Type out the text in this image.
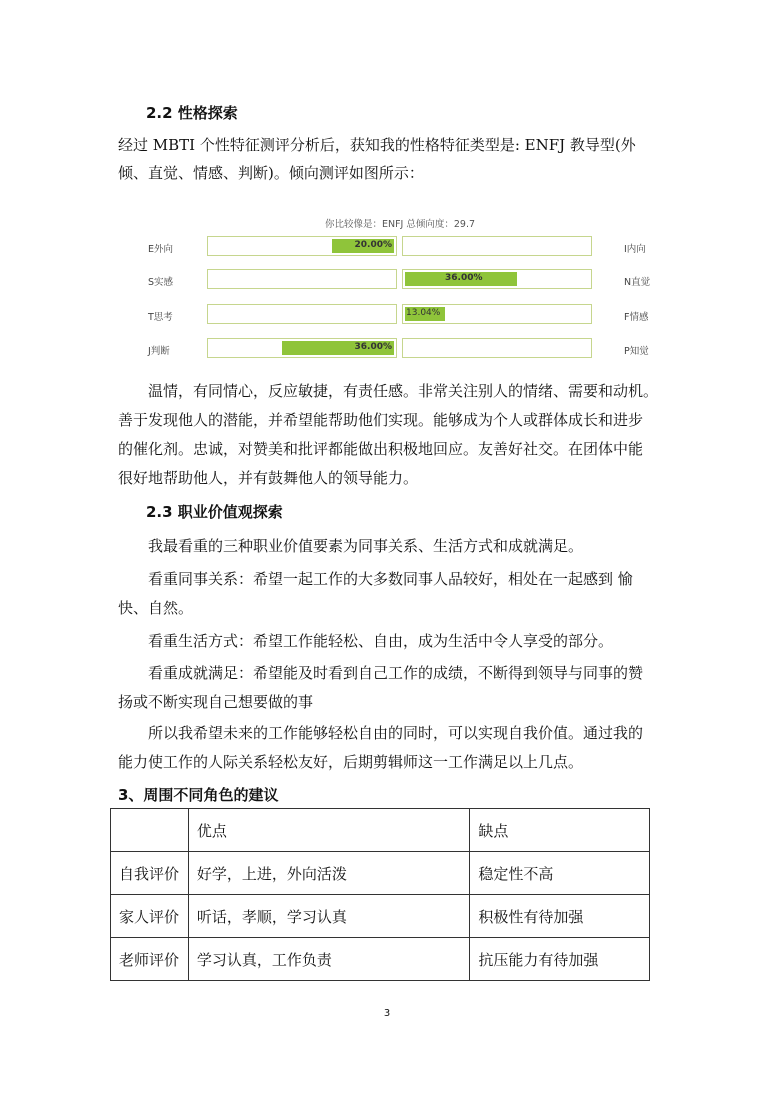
2.2 性格探索
经过 MBTI 个性特征测评分析后，获知我的性格特征类型是: ENFJ 教导型(外
倾、直觉、情感、判断)。倾向测评如图所示：
你比较像是：ENFJ 总倾向度：29.7
E外向	I内向
20.00%
S实感	N直觉
36.00%
T思考	F情感
13.04%
J判断	P知觉
36.00%
温情，有同情心，反应敏捷，有责任感。非常关注别人的情绪、需要和动机。
善于发现他人的潜能，并希望能帮助他们实现。能够成为个人或群体成长和进步
的催化剂。忠诚，对赞美和批评都能做出积极地回应。友善好社交。在团体中能
很好地帮助他人，并有鼓舞他人的领导能力。
2.3 职业价值观探索
我最看重的三种职业价值要素为同事关系、生活方式和成就满足。
看重同事关系：希望一起工作的大多数同事人品较好，相处在一起感到 愉
快、自然。
看重生活方式：希望工作能轻松、自由，成为生活中令人享受的部分。
看重成就满足：希望能及时看到自己工作的成绩，不断得到领导与同事的赞
扬或不断实现自己想要做的事
所以我希望未来的工作能够轻松自由的同时，可以实现自我价值。通过我的
能力使工作的人际关系轻松友好，后期剪辑师这一工作满足以上几点。
3、周围不同角色的建议
	优点	缺点
自我评价	好学，上进，外向活泼	稳定性不高
家人评价	听话，孝顺，学习认真	积极性有待加强
老师评价	学习认真，工作负责	抗压能力有待加强
3
